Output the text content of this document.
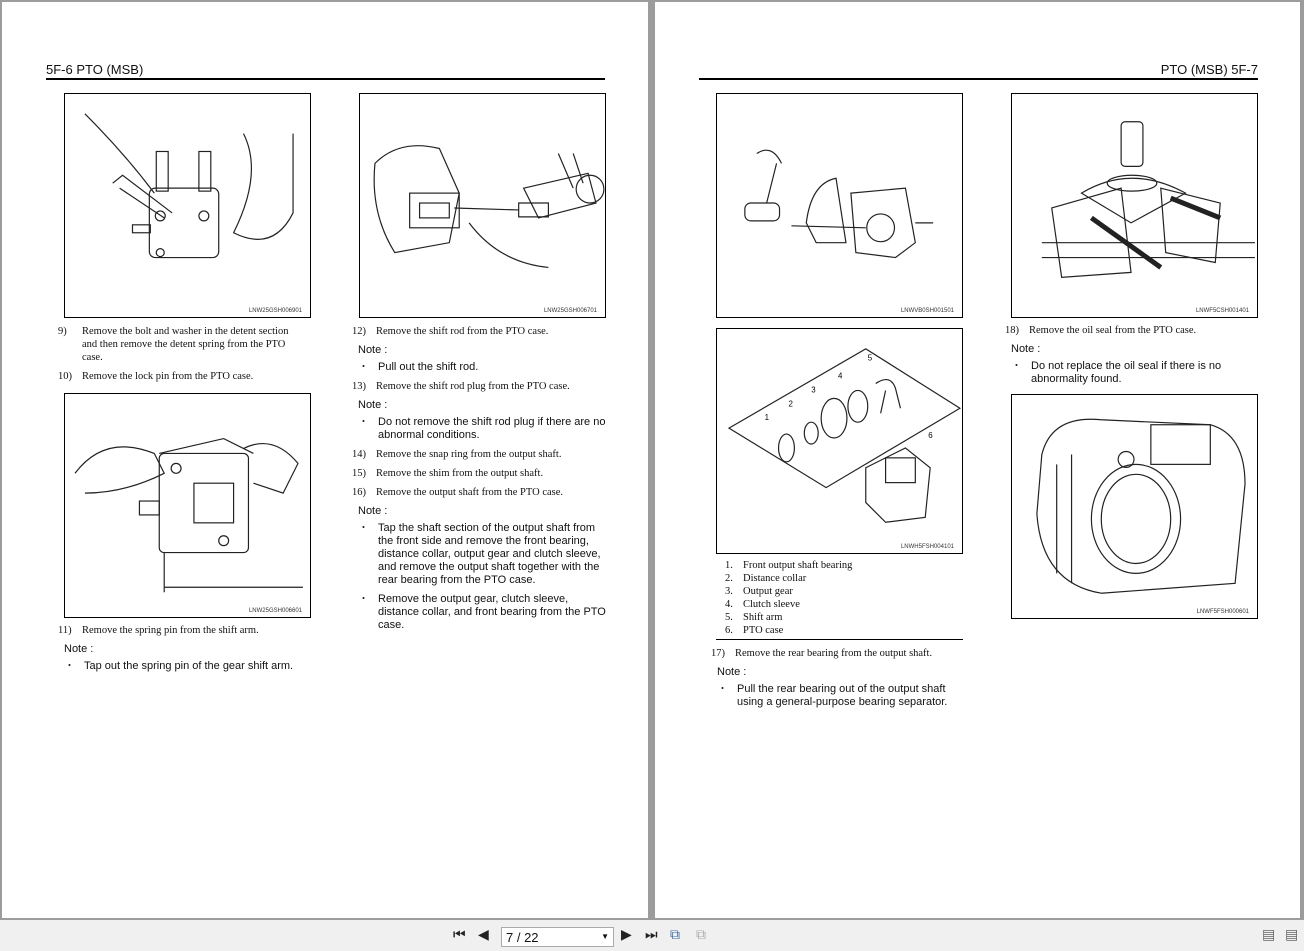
5F-6 PTO (MSB)
LNW25GSH006901	LNW25GSH006701
9)	Remove the bolt and washer in the detent section and then remove the detent spring from the PTO case.
10) Remove the lock pin from the PTO case.
LNW25GSH006601
11) Remove the spring pin from the shift arm.
Note :
・ Tap out the spring pin of the gear shift arm.
12) Remove the shift rod from the PTO case.
Note :
・ Pull out the shift rod.
13) Remove the shift rod plug from the PTO case.
Note :
・ Do not remove the shift rod plug if there are no abnormal conditions.
14) Remove the snap ring from the output shaft.
15) Remove the shim from the output shaft.
16) Remove the output shaft from the PTO case.
Note :
・ Tap the shaft section of the output shaft from the front side and remove the front bearing, distance collar, output gear and clutch sleeve, and remove the output shaft together with the rear bearing from the PTO case.
・ Remove the output gear, clutch sleeve, distance collar, and front bearing from the PTO case.
PTO (MSB) 5F-7
LNWVB0SH001501
1
2
3
4
5
6
LNWH5FSH004101
1. Front output shaft bearing
2. Distance collar
3. Output gear
4. Clutch sleeve
5. Shift arm
6. PTO case
17) Remove the rear bearing from the output shaft.
Note :
・ Pull the rear bearing out of the output shaft using a general-purpose bearing separator.
LNWF5CSH001401
18) Remove the oil seal from the PTO case.
Note :
・ Do not replace the oil seal if there is no abnormality found.
LNWF5FSH000601
⏮ ◀	7 / 22	▼ ▶ ⏭ ⧉ ⧉	▤ ▤
